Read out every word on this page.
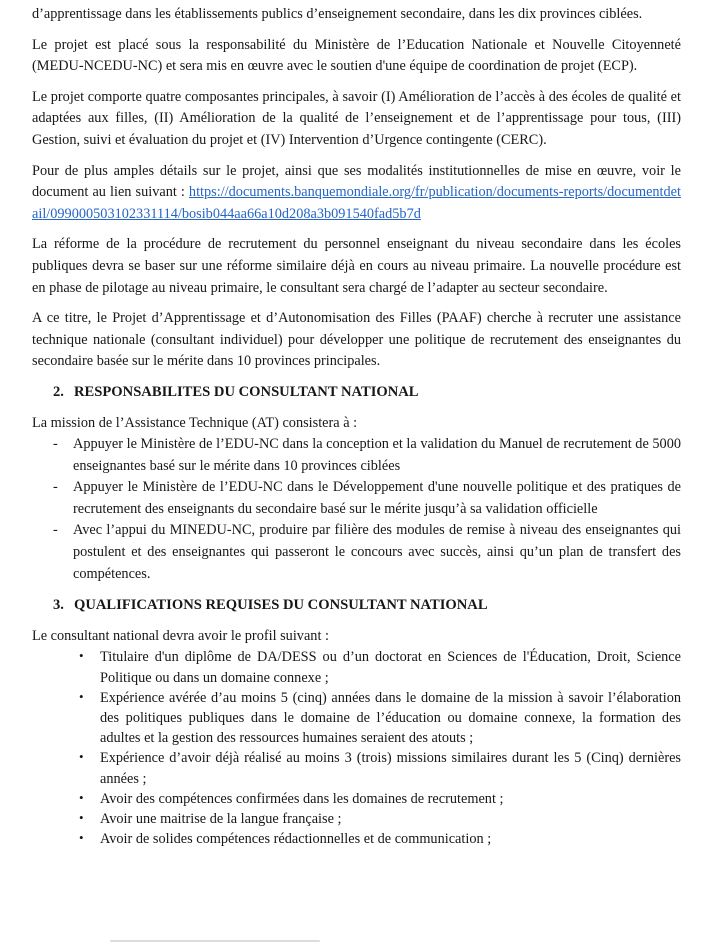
d’apprentissage dans les établissements publics d’enseignement secondaire, dans les dix provinces ciblées.

Le projet est placé sous la responsabilité du Ministère de l’Education Nationale et Nouvelle Citoyenneté (MEDU-NCEDU-NC) et sera mis en œuvre avec le soutien d'une équipe de coordination de projet (ECP).

Le projet comporte quatre composantes principales, à savoir (I) Amélioration de l’accès à des écoles de qualité et adaptées aux filles, (II) Amélioration de la qualité de l’enseignement et de l’apprentissage pour tous, (III) Gestion, suivi et évaluation du projet et (IV) Intervention d’Urgence contingente (CERC).

Pour de plus amples détails sur le projet, ainsi que ses modalités institutionnelles de mise en œuvre, voir le document au lien suivant : https://documents.banquemondiale.org/fr/publication/documents-reports/documentdetail/099000503102331114/bosib044aa66a10d208a3b091540fad5b7d

La réforme de la procédure de recrutement du personnel enseignant du niveau secondaire dans les écoles publiques devra se baser sur une réforme similaire déjà en cours au niveau primaire. La nouvelle procédure est en phase de pilotage au niveau primaire, le consultant sera chargé de l’adapter au secteur secondaire.

A ce titre, le Projet d’Apprentissage et d’Autonomisation des Filles (PAAF) cherche à recruter une assistance technique nationale (consultant individuel) pour développer une politique de recrutement des enseignantes du secondaire basée sur le mérite dans 10 provinces principales.

2. RESPONSABILITES DU CONSULTANT NATIONAL

La mission de l’Assistance Technique (AT) consistera à :

- Appuyer le Ministère de l’EDU-NC dans la conception et la validation du Manuel de recrutement de 5000 enseignantes basé sur le mérite dans 10 provinces ciblées
- Appuyer le Ministère de l’EDU-NC dans le Développement d'une nouvelle politique et des pratiques de recrutement des enseignants du secondaire basé sur le mérite jusqu’à sa validation officielle
- Avec l’appui du MINEDU-NC, produire par filière des modules de remise à niveau des enseignantes qui postulent et des enseignantes qui passeront le concours avec succès, ainsi qu’un plan de transfert des compétences.
3. QUALIFICATIONS REQUISES DU CONSULTANT NATIONAL

Le consultant national devra avoir le profil suivant :

• Titulaire d'un diplôme de DA/DESS ou d’un doctorat en Sciences de l'Éducation, Droit, Science Politique ou dans un domaine connexe ;
• Expérience avérée d’au moins 5 (cinq) années dans le domaine de la mission à savoir l’élaboration des politiques publiques dans le domaine de l’éducation ou domaine connexe, la formation des adultes et la gestion des ressources humaines seraient des atouts ;
• Expérience d’avoir déjà réalisé au moins 3 (trois) missions similaires durant les 5 (Cinq) dernières années ;
• Avoir des compétences confirmées dans les domaines de recrutement ;
• Avoir une maitrise de la langue française ;
• Avoir de solides compétences rédactionnelles et de communication ;
